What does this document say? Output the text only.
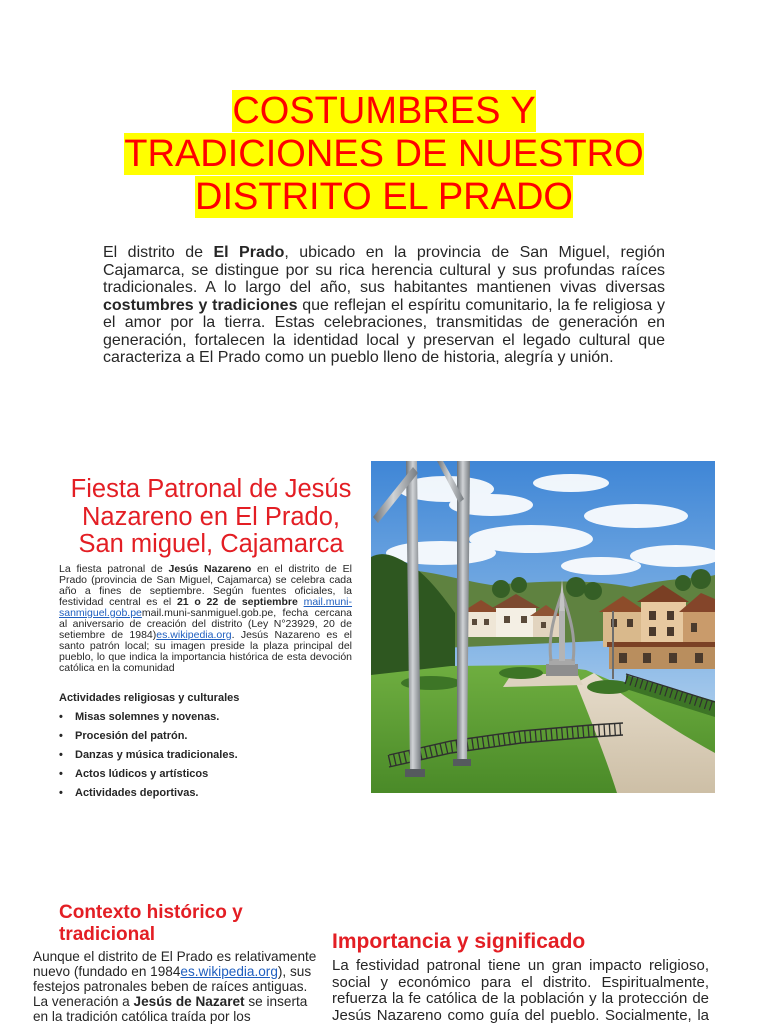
COSTUMBRES Y
TRADICIONES DE NUESTRO
DISTRITO EL PRADO

El distrito de El Prado, ubicado en la provincia de San Miguel, región Cajamarca, se distingue por su rica herencia cultural y sus profundas raíces tradicionales. A lo largo del año, sus habitantes mantienen vivas diversas costumbres y tradiciones que reflejan el espíritu comunitario, la fe religiosa y el amor por la tierra. Estas celebraciones, transmitidas de generación en generación, fortalecen la identidad local y preservan el legado cultural que caracteriza a El Prado como un pueblo lleno de historia, alegría y unión.

Fiesta Patronal de Jesús
Nazareno en El Prado,
San miguel, Cajamarca

La fiesta patronal de Jesús Nazareno en el distrito de El Prado (provincia de San Miguel, Cajamarca) se celebra cada año a fines de septiembre. Según fuentes oficiales, la festividad central es el 21 o 22 de septiembre mail.muni-sanmiguel.gob.pemail.muni-sanmiguel.gob.pe, fecha cercana al aniversario de creación del distrito (Ley N°23929, 20 de setiembre de 1984)es.wikipedia.org. Jesús Nazareno es el santo patrón local; su imagen preside la plaza principal del pueblo, lo que indica la importancia histórica de esta devoción católica en la comunidad

Actividades religiosas y culturales
• Misas solemnes y novenas.
• Procesión del patrón.
• Danzas y música tradicionales.
• Actos lúdicos y artísticos
• Actividades deportivas.
Contexto histórico y
tradicional

Aunque el distrito de El Prado es relativamente nuevo (fundado en 1984es.wikipedia.org), sus festejos patronales beben de raíces antiguas. La veneración a Jesús de Nazaret se inserta en la tradición católica traída por los

Importancia y significado

La festividad patronal tiene un gran impacto religioso, social y económico para el distrito. Espiritualmente, refuerza la fe católica de la población y la protección de Jesús Nazareno como guía del pueblo. Socialmente, la
